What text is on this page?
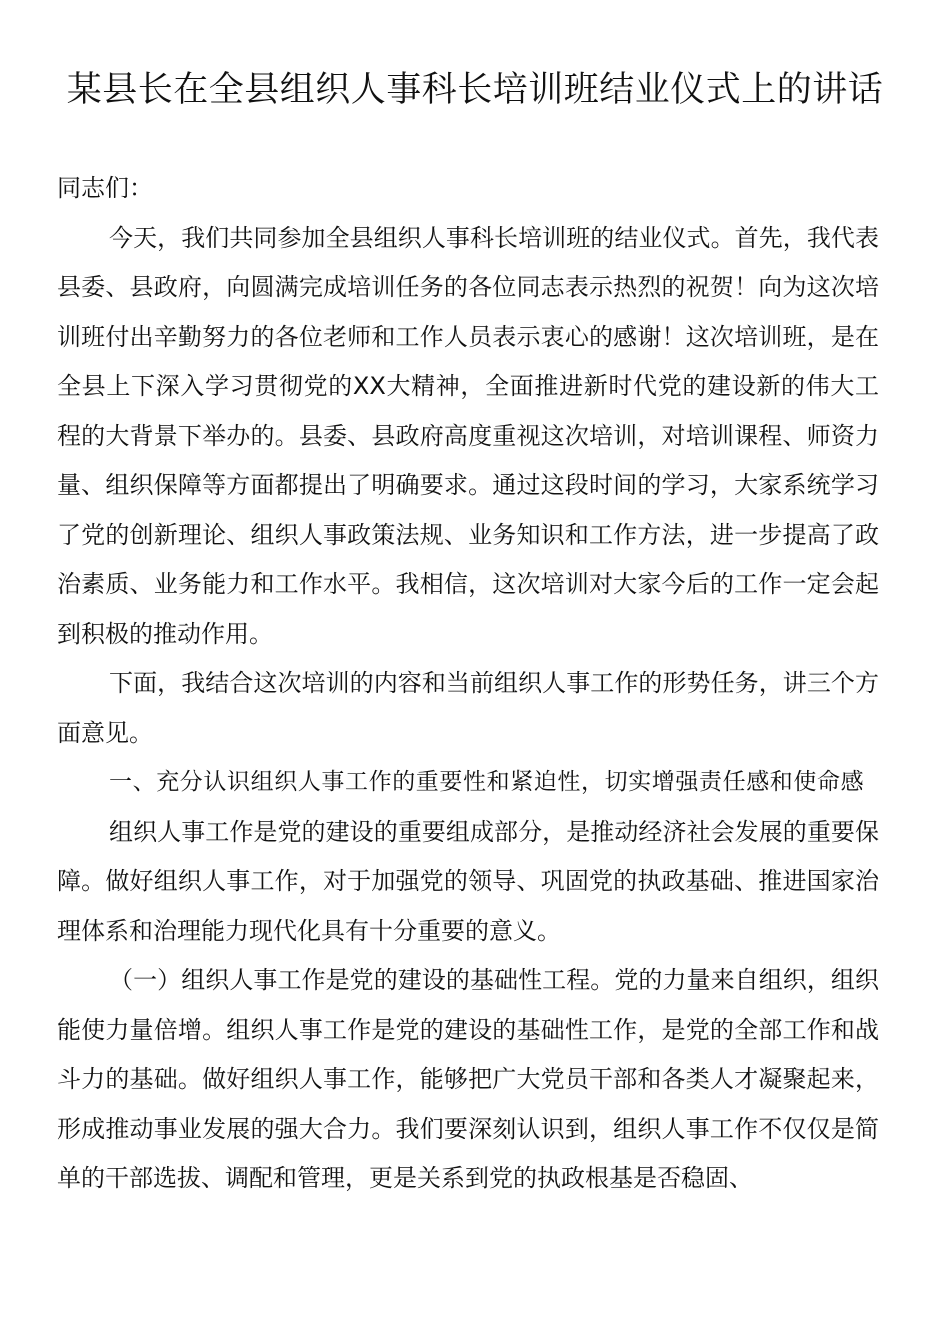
某县长在全县组织人事科长培训班结业仪式上的讲话

同志们：

今天，我们共同参加全县组织人事科长培训班的结业仪式。首先，我代表县委、县政府，向圆满完成培训任务的各位同志表示热烈的祝贺！向为这次培训班付出辛勤努力的各位老师和工作人员表示衷心的感谢！这次培训班，是在全县上下深入学习贯彻党的XX大精神，全面推进新时代党的建设新的伟大工程的大背景下举办的。县委、县政府高度重视这次培训，对培训课程、师资力量、组织保障等方面都提出了明确要求。通过这段时间的学习，大家系统学习了党的创新理论、组织人事政策法规、业务知识和工作方法，进一步提高了政治素质、业务能力和工作水平。我相信，这次培训对大家今后的工作一定会起到积极的推动作用。

下面，我结合这次培训的内容和当前组织人事工作的形势任务，讲三个方面意见。

一、充分认识组织人事工作的重要性和紧迫性，切实增强责任感和使命感

组织人事工作是党的建设的重要组成部分，是推动经济社会发展的重要保障。做好组织人事工作，对于加强党的领导、巩固党的执政基础、推进国家治理体系和治理能力现代化具有十分重要的意义。

（一）组织人事工作是党的建设的基础性工程。党的力量来自组织，组织能使力量倍增。组织人事工作是党的建设的基础性工作，是党的全部工作和战斗力的基础。做好组织人事工作，能够把广大党员干部和各类人才凝聚起来，形成推动事业发展的强大合力。我们要深刻认识到，组织人事工作不仅仅是简单的干部选拔、调配和管理，更是关系到党的执政根基是否稳固、
